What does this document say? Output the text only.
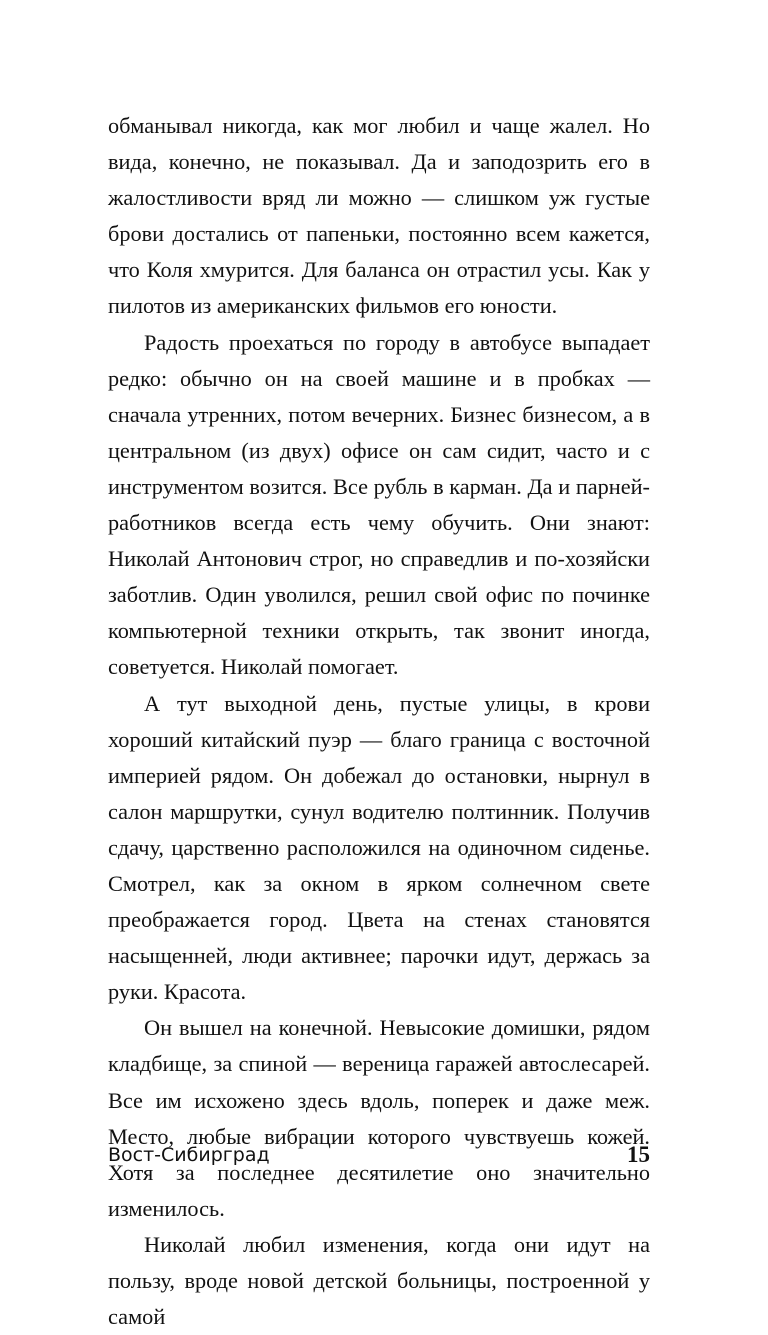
обманывал никогда, как мог любил и чаще жалел. Но вида, конечно, не показывал. Да и заподозрить его в жалостливости вряд ли можно — слишком уж густые брови достались от папеньки, постоянно всем кажется, что Коля хмурится. Для баланса он отрастил усы. Как у пилотов из американских фильмов его юности.

Радость проехаться по городу в автобусе выпадает редко: обычно он на своей машине и в пробках — сначала утренних, потом вечерних. Бизнес бизнесом, а в центральном (из двух) офисе он сам сидит, часто и с инструментом возится. Все рубль в карман. Да и парней-работников всегда есть чему обучить. Они знают: Николай Антонович строг, но справедлив и по-хозяйски заботлив. Один уволился, решил свой офис по починке компьютерной техники открыть, так звонит иногда, советуется. Николай помогает.

А тут выходной день, пустые улицы, в крови хороший китайский пуэр — благо граница с восточной империей рядом. Он добежал до остановки, нырнул в салон маршрутки, сунул водителю полтинник. Получив сдачу, царственно расположился на одиночном сиденье. Смотрел, как за окном в ярком солнечном свете преображается город. Цвета на стенах становятся насыщенней, люди активнее; парочки идут, держась за руки. Красота.

Он вышел на конечной. Невысокие домишки, рядом кладбище, за спиной — вереница гаражей автослесарей. Все им исхожено здесь вдоль, поперек и даже меж. Место, любые вибрации которого чувствуешь кожей. Хотя за последнее десятилетие оно значительно изменилось.

Николай любил изменения, когда они идут на пользу, вроде новой детской больницы, построенной у самой

Вост-Сибирград	15
